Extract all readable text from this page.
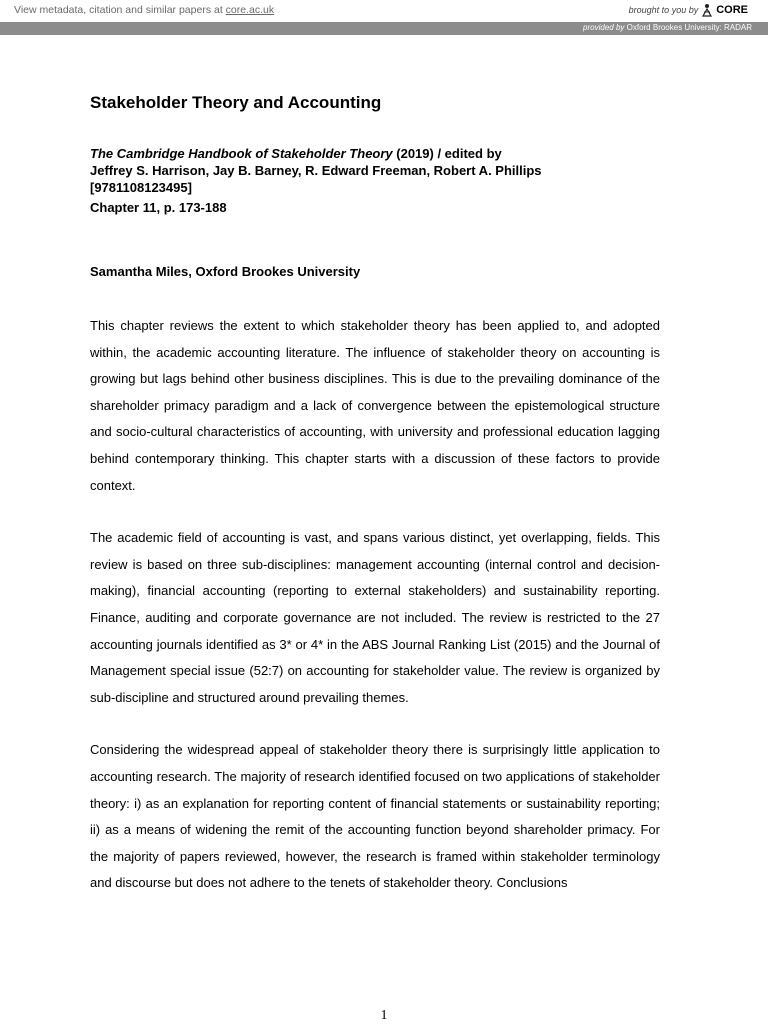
View metadata, citation and similar papers at core.ac.uk	brought to you by CORE
provided by Oxford Brookes University: RADAR
Stakeholder Theory and Accounting
The Cambridge Handbook of Stakeholder Theory (2019) / edited by
Jeffrey S. Harrison, Jay B. Barney, R. Edward Freeman, Robert A. Phillips
[9781108123495]
Chapter 11, p. 173-188
Samantha Miles, Oxford Brookes University

This chapter reviews the extent to which stakeholder theory has been applied to, and adopted within, the academic accounting literature. The influence of stakeholder theory on accounting is growing but lags behind other business disciplines. This is due to the prevailing dominance of the shareholder primacy paradigm and a lack of convergence between the epistemological structure and socio-cultural characteristics of accounting, with university and professional education lagging behind contemporary thinking. This chapter starts with a discussion of these factors to provide context.

The academic field of accounting is vast, and spans various distinct, yet overlapping, fields. This review is based on three sub-disciplines: management accounting (internal control and decision-making), financial accounting (reporting to external stakeholders) and sustainability reporting. Finance, auditing and corporate governance are not included. The review is restricted to the 27 accounting journals identified as 3* or 4* in the ABS Journal Ranking List (2015) and the Journal of Management special issue (52:7) on accounting for stakeholder value. The review is organized by sub-discipline and structured around prevailing themes.

Considering the widespread appeal of stakeholder theory there is surprisingly little application to accounting research. The majority of research identified focused on two applications of stakeholder theory: i) as an explanation for reporting content of financial statements or sustainability reporting; ii) as a means of widening the remit of the accounting function beyond shareholder primacy. For the majority of papers reviewed, however, the research is framed within stakeholder terminology and discourse but does not adhere to the tenets of stakeholder theory. Conclusions

1
